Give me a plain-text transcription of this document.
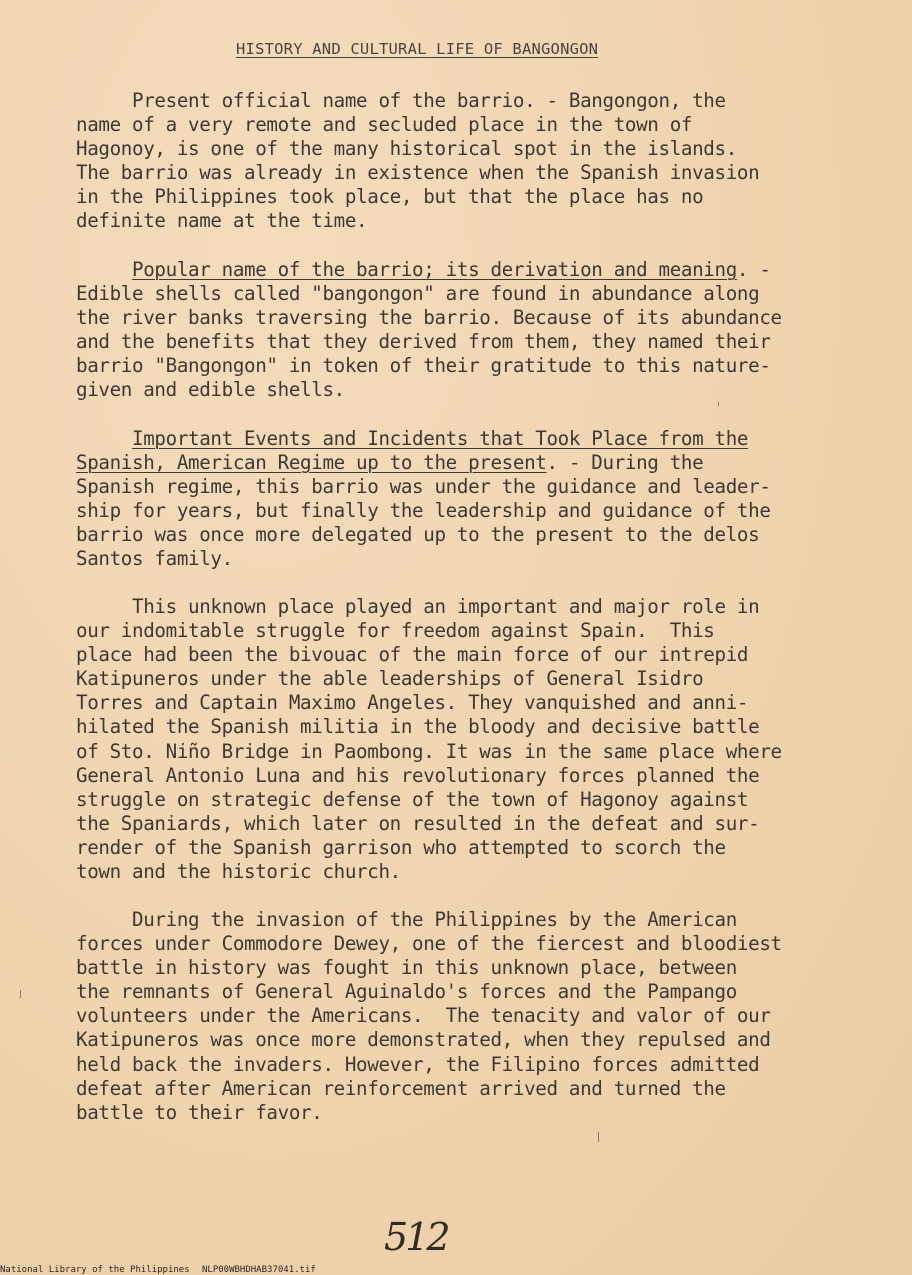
HISTORY AND CULTURAL LIFE OF BANGONGON
Present official name of the barrio. - Bangongon, the
name of a very remote and secluded place in the town of
Hagonoy, is one of the many historical spot in the islands.
The barrio was already in existence when the Spanish invasion
in the Philippines took place, but that the place has no
definite name at the time.
Popular name of the barrio; its derivation and meaning. -
Edible shells called "bangongon" are found in abundance along
the river banks traversing the barrio. Because of its abundance
and the benefits that they derived from them, they named their
barrio "Bangongon" in token of their gratitude to this nature-
given and edible shells.
Important Events and Incidents that Took Place from the
Spanish, American Regime up to the present. - During the
Spanish regime, this barrio was under the guidance and leader-
ship for years, but finally the leadership and guidance of the
barrio was once more delegated up to the present to the delos
Santos family.
This unknown place played an important and major role in
our indomitable struggle for freedom against Spain.  This
place had been the bivouac of the main force of our intrepid
Katipuneros under the able leaderships of General Isidro
Torres and Captain Maximo Angeles. They vanquished and anni-
hilated the Spanish militia in the bloody and decisive battle
of Sto. Niño Bridge in Paombong. It was in the same place where
General Antonio Luna and his revolutionary forces planned the
struggle on strategic defense of the town of Hagonoy against
the Spaniards, which later on resulted in the defeat and sur-
render of the Spanish garrison who attempted to scorch the
town and the historic church.
During the invasion of the Philippines by the American
forces under Commodore Dewey, one of the fiercest and bloodiest
battle in history was fought in this unknown place, between
the remnants of General Aguinaldo's forces and the Pampango
volunteers under the Americans.  The tenacity and valor of our
Katipuneros was once more demonstrated, when they repulsed and
held back the invaders. However, the Filipino forces admitted
defeat after American reinforcement arrived and turned the
battle to their favor.
512
National Library of the Philippines NLP00WBHDHAB37041.tif
